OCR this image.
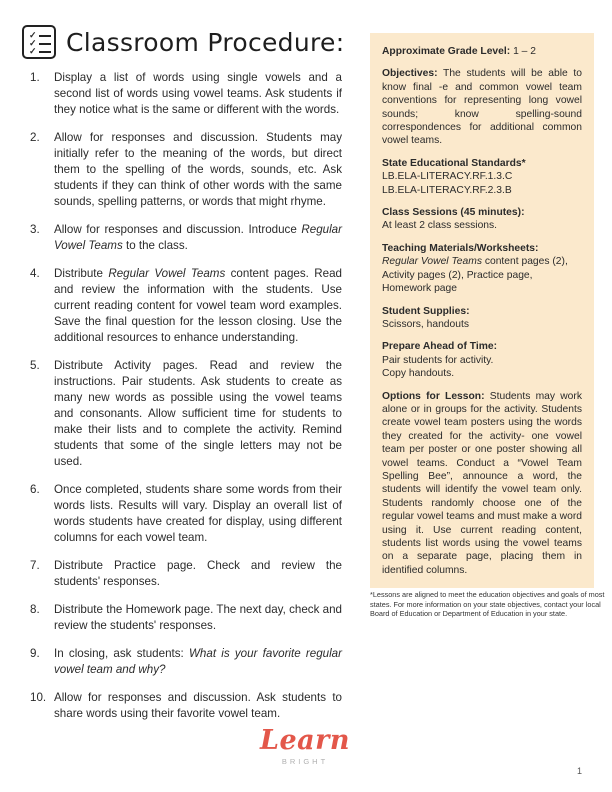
✓
✓
✓ Classroom Procedure:
1. Display a list of words using single vowels and a second list of words using vowel teams. Ask students if they notice what is the same or different with the words.
2. Allow for responses and discussion. Students may initially refer to the meaning of the words, but direct them to the spelling of the words, sounds, etc. Ask students if they can think of other words with the same sounds, spelling patterns, or words that might rhyme.
3. Allow for responses and discussion. Introduce Regular Vowel Teams to the class.
4. Distribute Regular Vowel Teams content pages. Read and review the information with the students. Use current reading content for vowel team word examples. Save the final question for the lesson closing. Use the additional resources to enhance understanding.
5. Distribute Activity pages. Read and review the instructions. Pair students. Ask students to create as many new words as possible using the vowel teams and consonants. Allow sufficient time for students to make their lists and to complete the activity. Remind students that some of the single letters may not be used.
6. Once completed, students share some words from their words lists. Results will vary. Display an overall list of words students have created for display, using different columns for each vowel team.
7. Distribute Practice page. Check and review the students' responses.
8. Distribute the Homework page. The next day, check and review the students' responses.
9. In closing, ask students: What is your favorite regular vowel team and why?
10. Allow for responses and discussion. Ask students to share words using their favorite vowel team.
Approximate Grade Level: 1 – 2
Objectives: The students will be able to know final -e and common vowel team conventions for representing long vowel sounds; know spelling-sound correspondences for additional common vowel teams.
State Educational Standards*
LB.ELA-LITERACY.RF.1.3.C
LB.ELA-LITERACY.RF.2.3.B
Class Sessions (45 minutes):
At least 2 class sessions.
Teaching Materials/Worksheets:
Regular Vowel Teams content pages (2), Activity pages (2), Practice page, Homework page
Student Supplies:
Scissors, handouts
Prepare Ahead of Time:
Pair students for activity.
Copy handouts.
Options for Lesson: Students may work alone or in groups for the activity. Students create vowel team posters using the words they created for the activity- one vowel team per poster or one poster showing all vowel teams. Conduct a “Vowel Team Spelling Bee”, announce a word, the students will identify the vowel team only. Students randomly choose one of the regular vowel teams and must make a word using it. Use current reading content, students list words using the vowel teams on a separate page, placing them in identified columns.
*Lessons are aligned to meet the education objectives and goals of most states. For more information on your state objectives, contact your local Board of Education or Department of Education in your state.
Learn
BRIGHT
1
